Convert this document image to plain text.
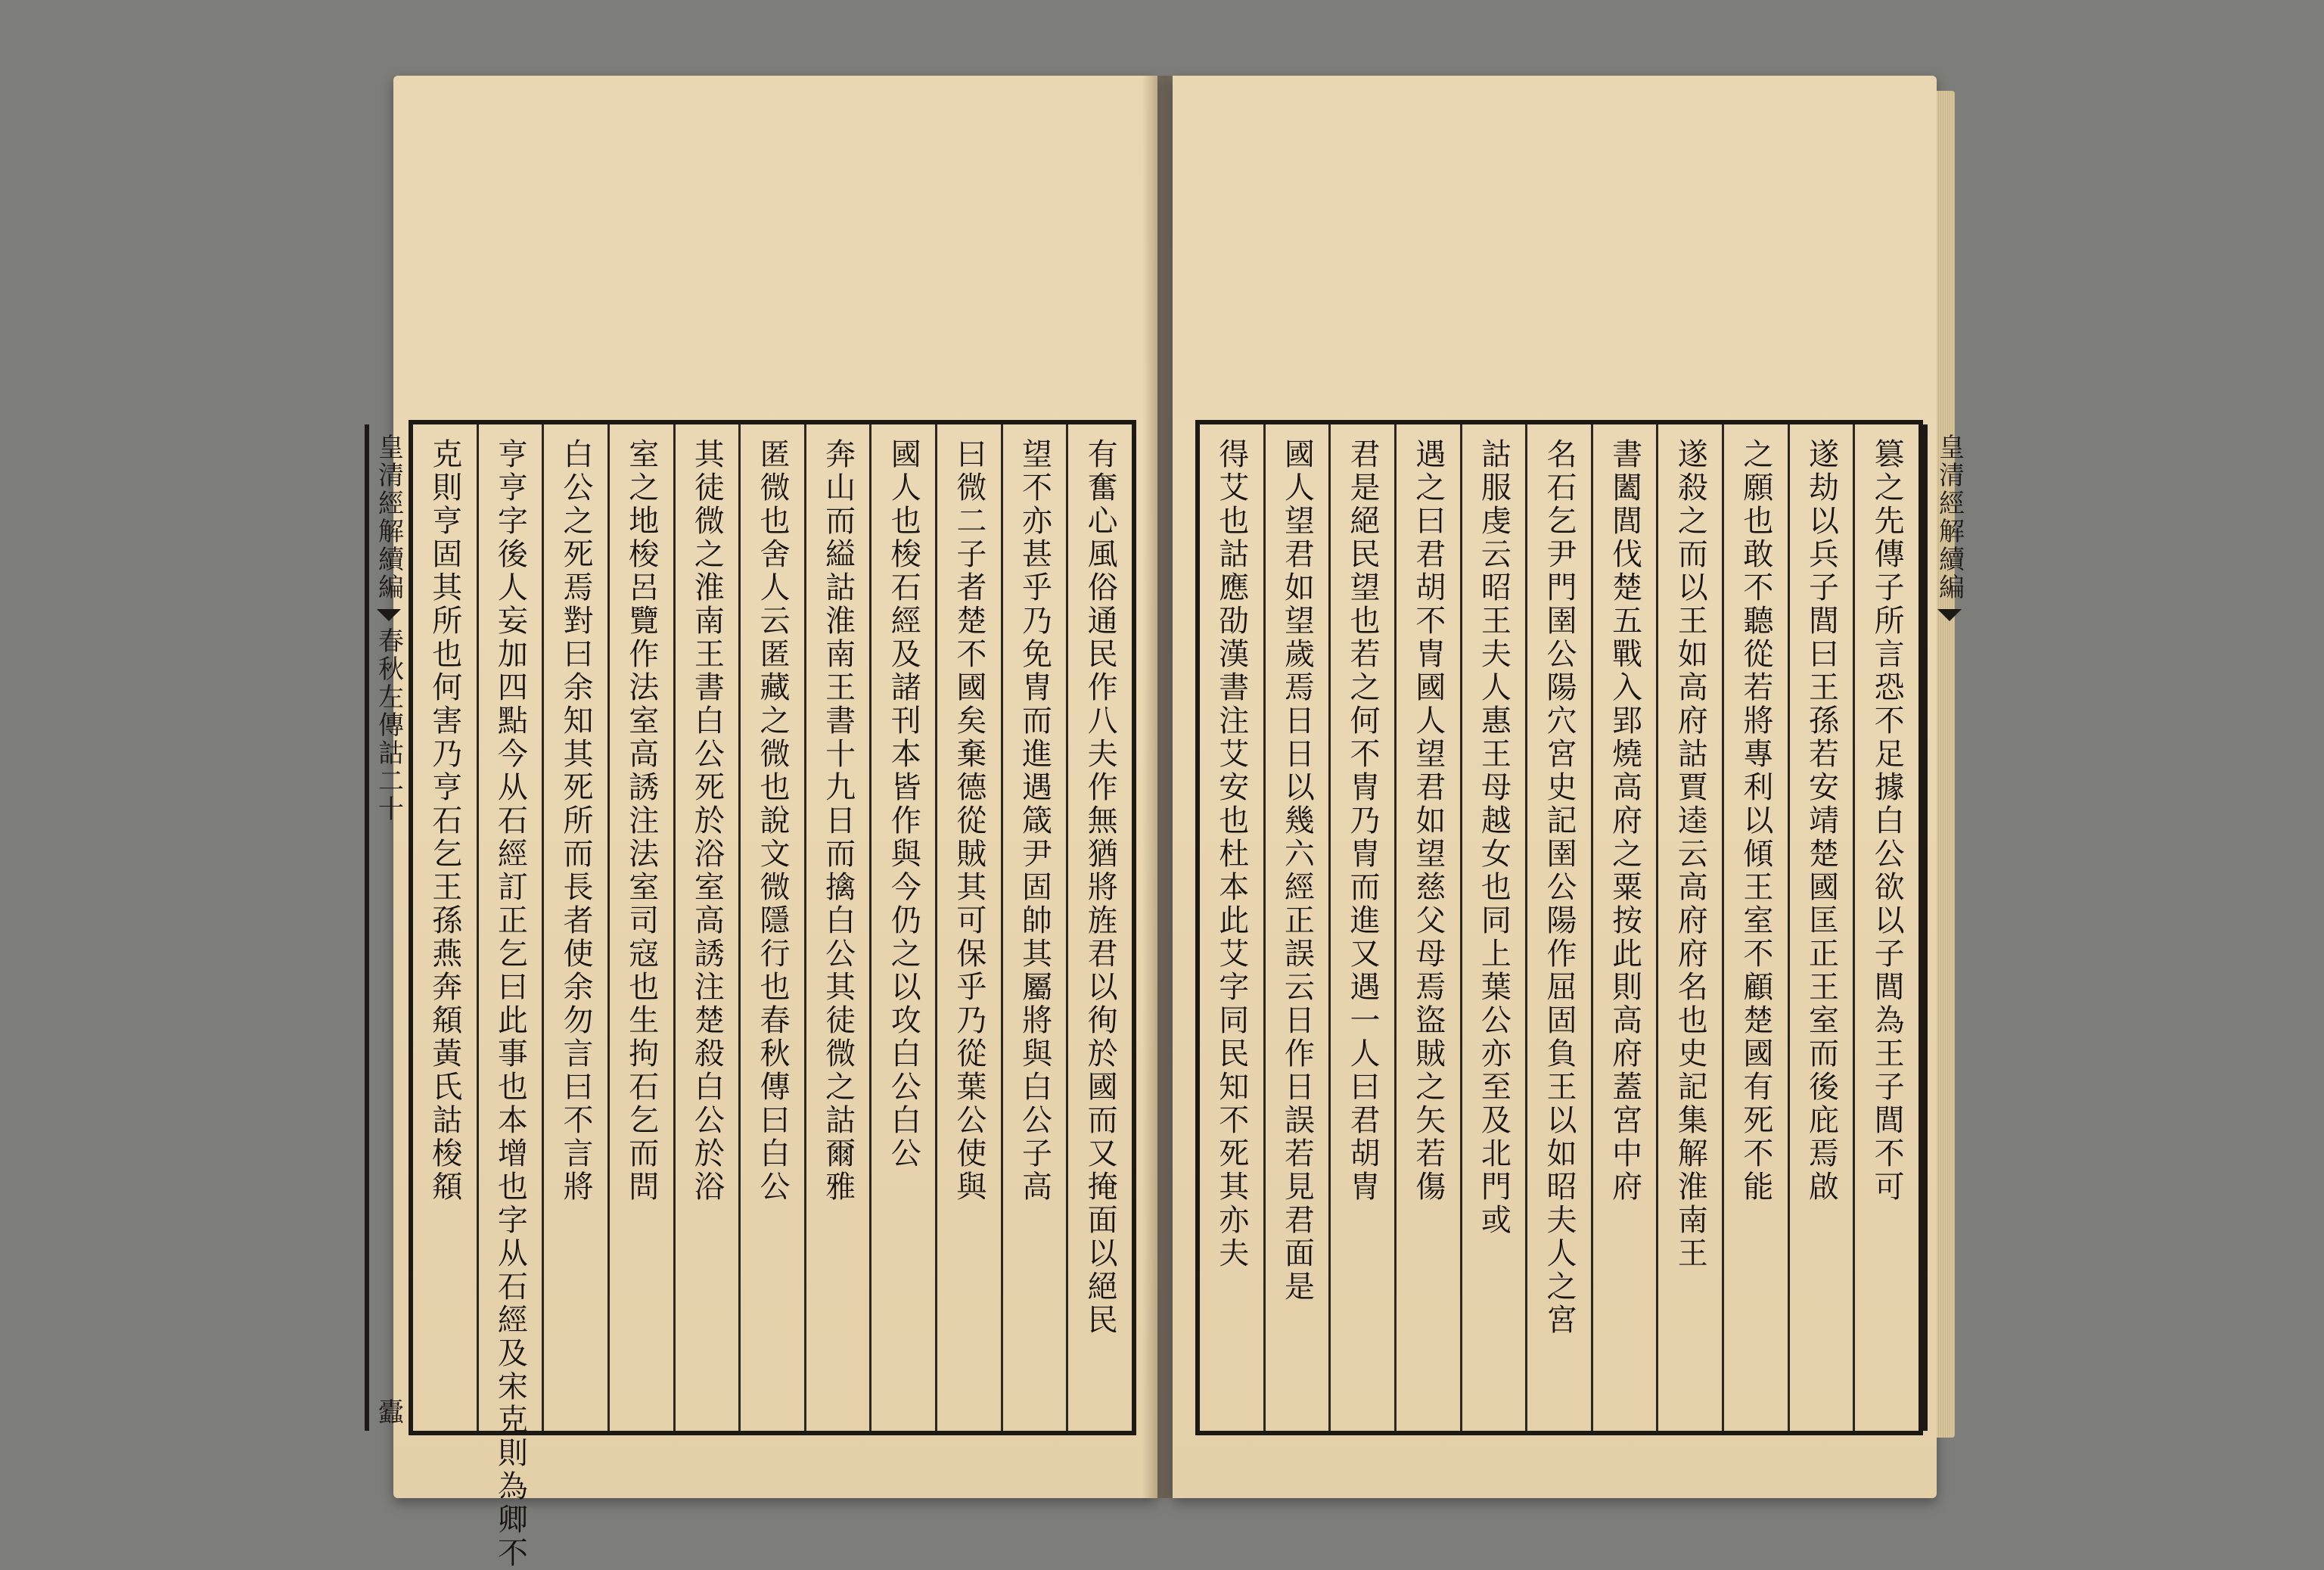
皇清經解續編
春秋左傳詁二十
蠹
有奮心風俗通民作八夫作無猶將旌君以徇於國而又掩面以絕民
望不亦甚乎乃免冑而進遇箴尹固帥其屬將與白公子高
曰微二子者楚不國矣棄德從賊其可保乎乃從葉公使與
國人也梭石經及諸刊本皆作與今仍之以攻白公白公
奔山而縊詁淮南王書十九日而擒白公其徒微之詁爾雅
匿微也舍人云匿藏之微也說文微隱行也春秋傳曰白公
其徒微之淮南王書白公死於浴室高誘注楚殺白公於浴
室之地梭呂覽作法室高誘注法室司寇也生拘石乞而問
白公之死焉對曰余知其死所而長者使余勿言曰不言將
亨亨字後人妄加四點今从石經訂正乞曰此事也本增也字从石經及宋克則為卿不
克則亨固其所也何害乃亨石乞王孫燕奔頯黃氏詁梭頯	篡之先傳子所言恐不足據白公欲以子閭為王子閭不可
遂劫以兵子閭曰王孫若安靖楚國匡正王室而後庇焉啟
之願也敢不聽從若將專利以傾王室不顧楚國有死不能
遂殺之而以王如高府詁賈逵云高府府名也史記集解淮南王
書闔閭伐楚五戰入郢燒高府之粟按此則高府蓋宮中府
名石乞尹門圉公陽穴宮史記圉公陽作屈固負王以如昭夫人之宮
詁服虔云昭王夫人惠王母越女也同上葉公亦至及北門或
遇之曰君胡不冑國人望君如望慈父母焉盜賊之矢若傷
君是絕民望也若之何不冑乃冑而進又遇一人曰君胡冑
國人望君如望歲焉日日以幾六經正誤云日作日誤若見君面是
得艾也詁應劭漢書注艾安也杜本此艾字同民知不死其亦夫	皇清經解續編
